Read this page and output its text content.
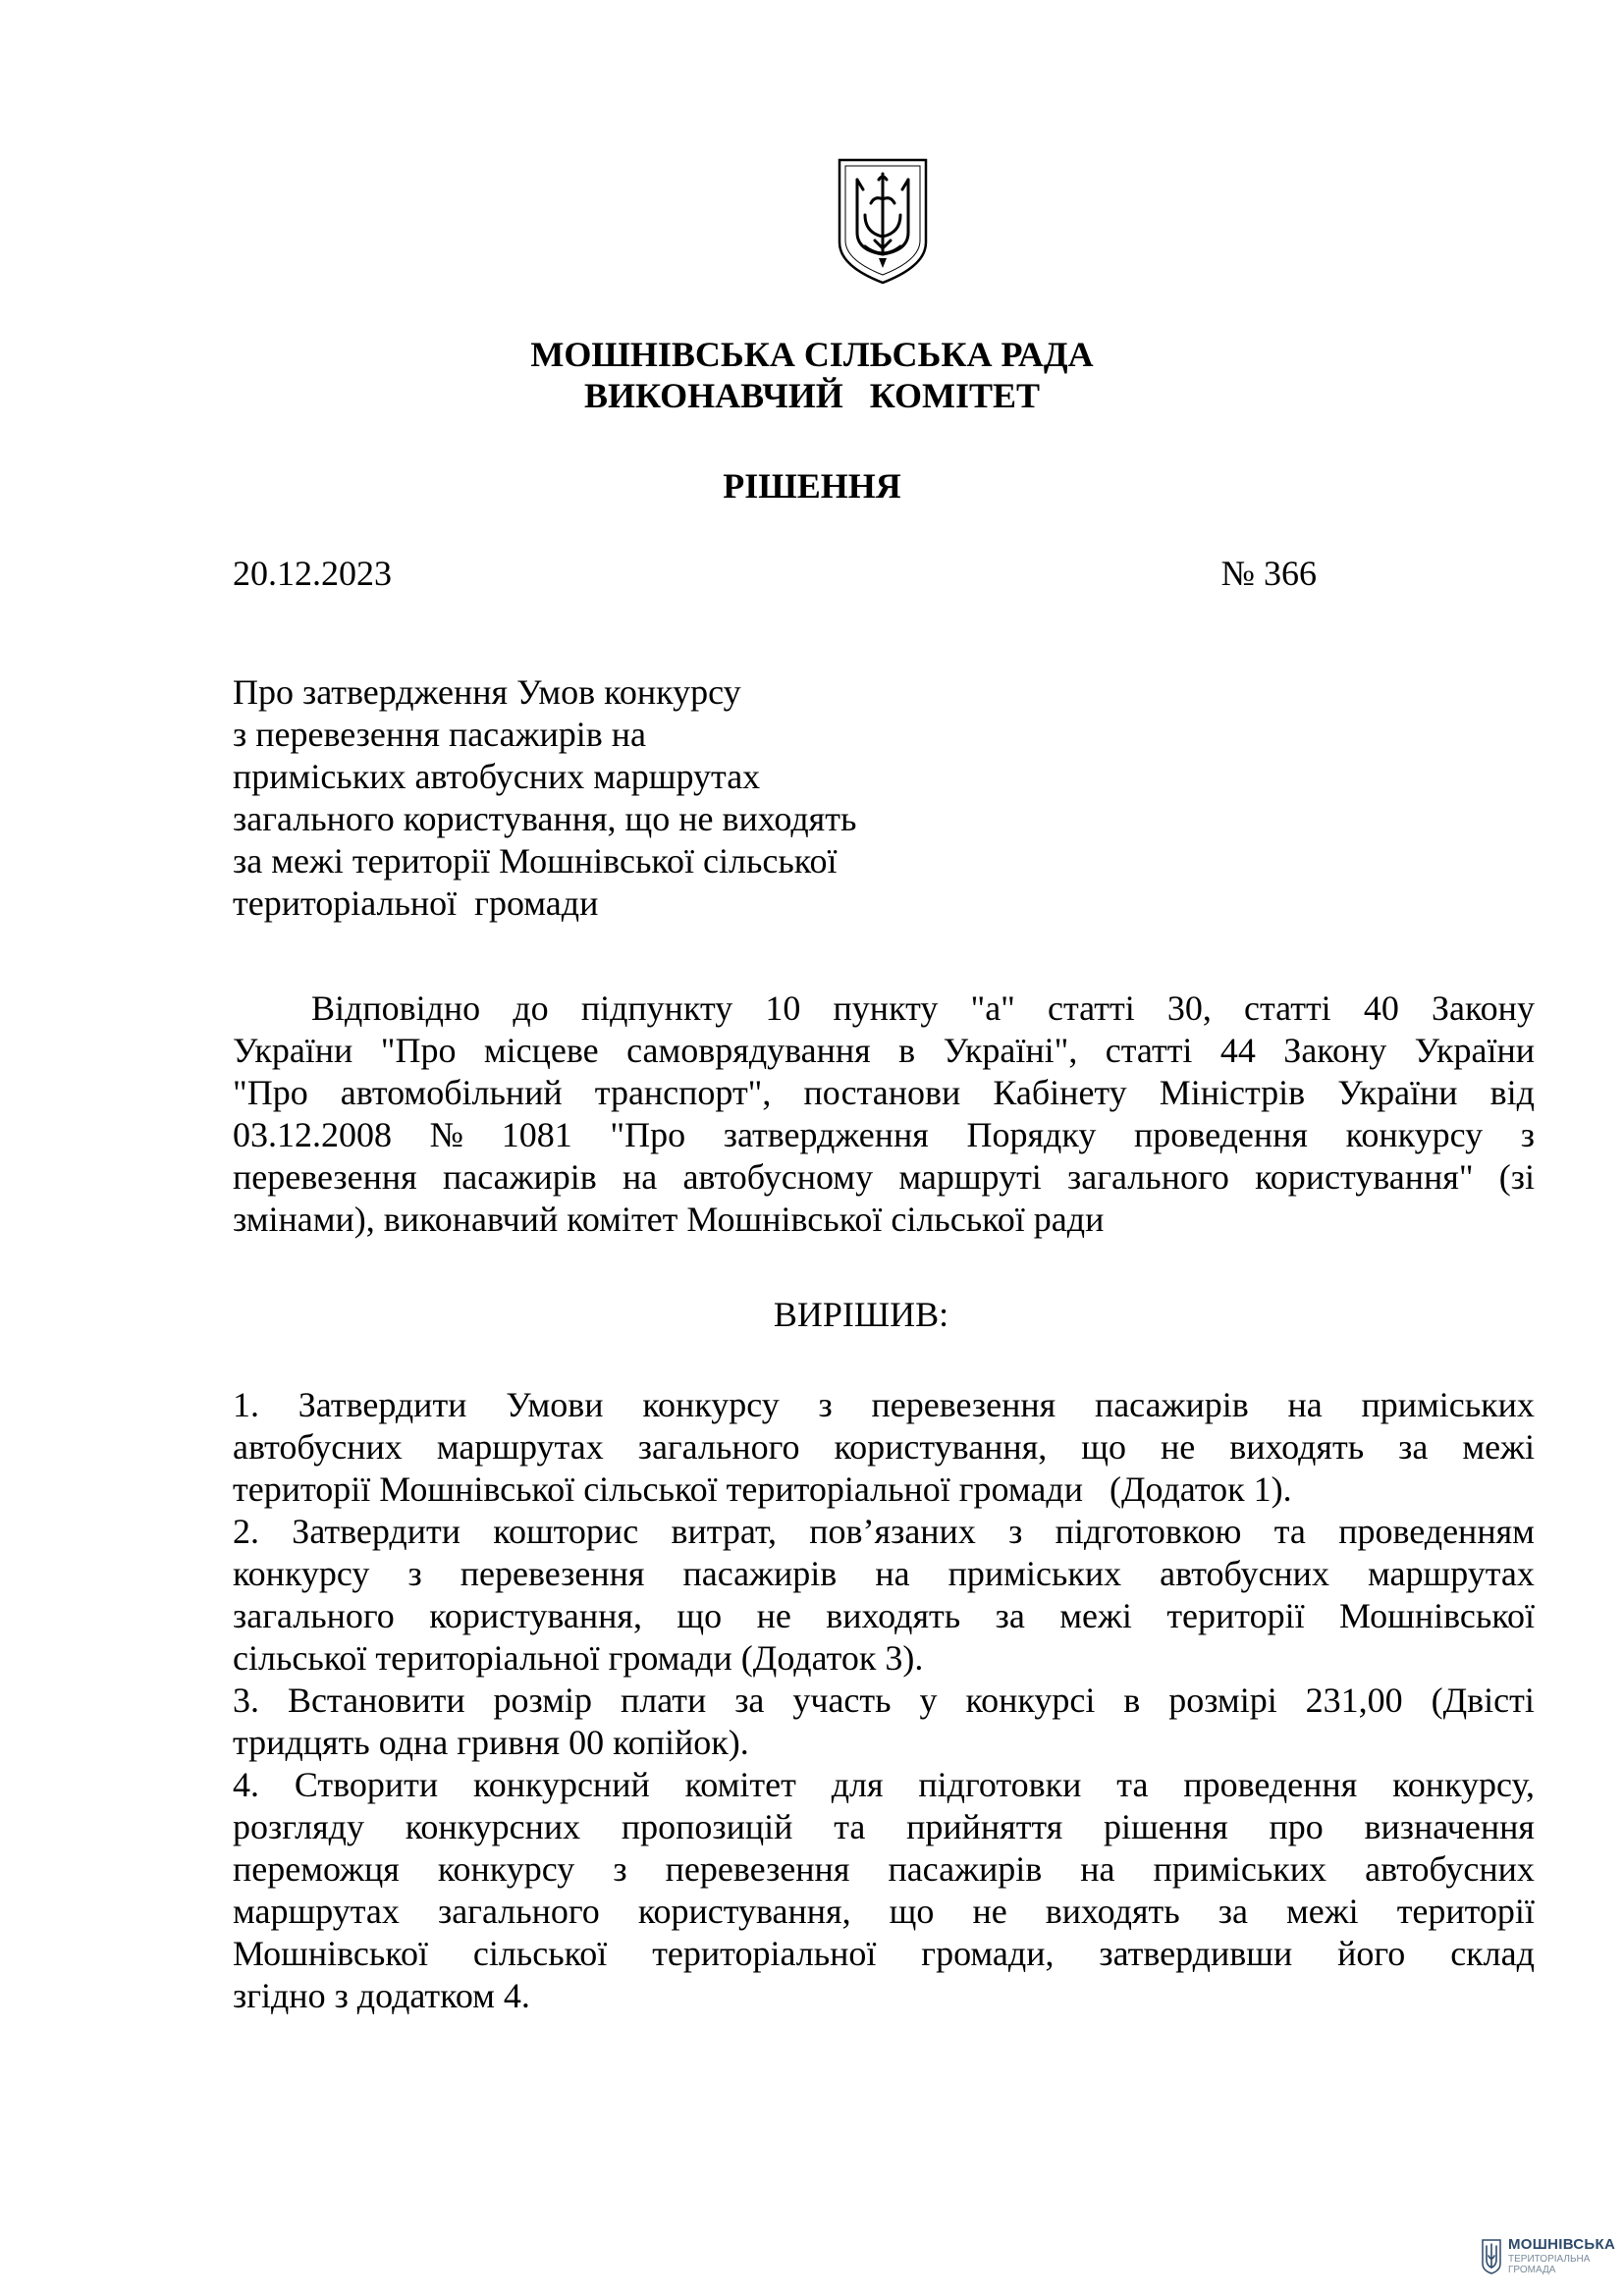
МОШНІВСЬКА СІЛЬСЬКА РАДА
ВИКОНАВЧИЙ   КОМІТЕТ
РІШЕННЯ
20.12.2023	№ 366
Про затвердження Умов конкурсу
з перевезення пасажирів на
приміських автобусних маршрутах
загального користування, що не виходять
за межі території Мошнівської сільської
територіальної  громади
Відповідно до підпункту 10 пункту "а" статті 30, статті 40 Закону
України "Про місцеве самоврядування в Україні", статті 44 Закону України
"Про автомобільний транспорт", постанови Кабінету Міністрів України від
03.12.2008 № 1081 "Про затвердження Порядку проведення конкурсу з
перевезення пасажирів на автобусному маршруті загального користування" (зі
змінами), виконавчий комітет Мошнівської сільської ради
ВИРІШИВ:
1. Затвердити Умови конкурсу з перевезення пасажирів на приміських
автобусних маршрутах загального користування, що не виходять за межі
території Мошнівської сільської територіальної громади   (Додаток 1).
2. Затвердити кошторис витрат, пов’язаних з підготовкою та проведенням
конкурсу з перевезення пасажирів на приміських автобусних маршрутах
загального користування, що не виходять за межі території Мошнівської
сільської територіальної громади (Додаток 3).
3. Встановити розмір плати за участь у конкурсі в розмірі 231,00 (Двісті
тридцять одна гривня 00 копійок).
4. Створити конкурсний комітет для підготовки та проведення конкурсу,
розгляду конкурсних пропозицій та прийняття рішення про визначення
переможця конкурсу з перевезення пасажирів на приміських автобусних
маршрутах загального користування, що не виходять за межі території
Мошнівської сільської територіальної громади, затвердивши його склад
згідно з додатком 4.
МОШНІВСЬКА
ТЕРИТОРІАЛЬНА
ГРОМАДА
